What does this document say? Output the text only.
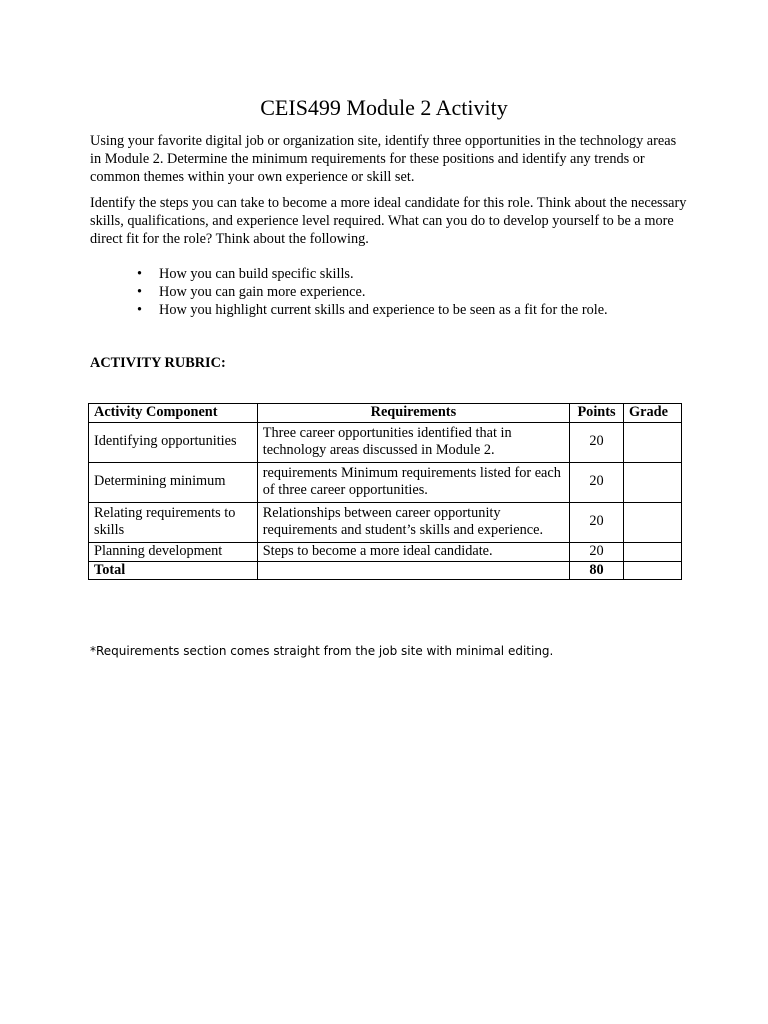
CEIS499 Module 2 Activity
Using your favorite digital job or organization site, identify three opportunities in the technology areas in Module 2. Determine the minimum requirements for these positions and identify any trends or common themes within your own experience or skill set.
Identify the steps you can take to become a more ideal candidate for this role. Think about the necessary skills, qualifications, and experience level required. What can you do to develop yourself to be a more direct fit for the role? Think about the following.
• How you can build specific skills.
• How you can gain more experience.
• How you highlight current skills and experience to be seen as a fit for the role.
ACTIVITY RUBRIC:
Activity Component	Requirements	Points	Grade
Identifying opportunities	Three career opportunities identified that in technology areas discussed in Module 2.	20	
Determining minimum	requirements Minimum requirements listed for each of three career opportunities.	20	
Relating requirements to skills	Relationships between career opportunity requirements and student’s skills and experience.	20	
Planning development	Steps to become a more ideal candidate.	20	
Total		80	
*Requirements section comes straight from the job site with minimal editing.
